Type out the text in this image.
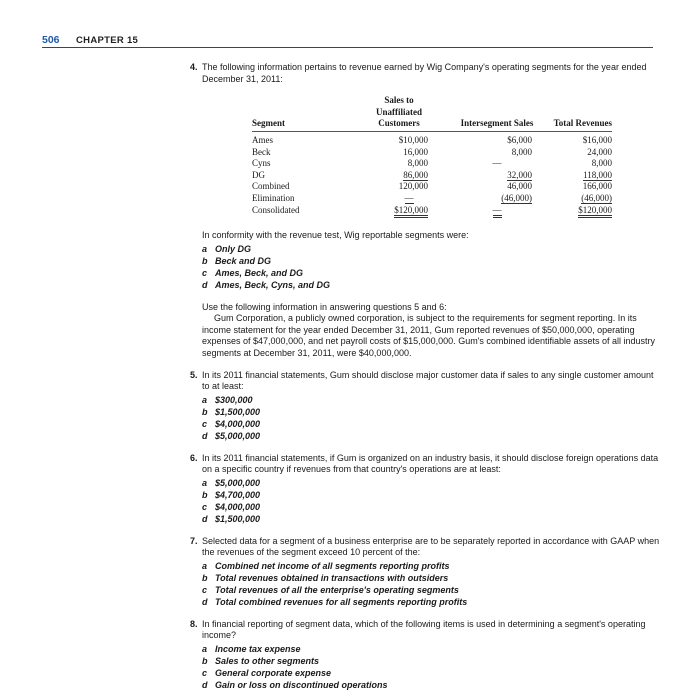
506 CHAPTER 15
4. The following information pertains to revenue earned by Wig Company's operating segments for the year ended December 31, 2011:
Segment	Sales to Unaffiliated Customers	Intersegment Sales	Total Revenues
Ames	$10,000	$6,000	$16,000
Beck	16,000	8,000	24,000
Cyns	8,000	—	8,000
DG	86,000	32,000	118,000
Combined	120,000	46,000	166,000
Elimination	—	(46,000)	(46,000)
Consolidated	$120,000	—	$120,000
In conformity with the revenue test, Wig reportable segments were:
a Only DG
b Beck and DG
c Ames, Beck, and DG
d Ames, Beck, Cyns, and DG
Use the following information in answering questions 5 and 6:
Gum Corporation, a publicly owned corporation, is subject to the requirements for segment reporting. In its income statement for the year ended December 31, 2011, Gum reported revenues of $50,000,000, operating expenses of $47,000,000, and net payroll costs of $15,000,000. Gum's combined identifiable assets of all industry segments at December 31, 2011, were $40,000,000.
5. In its 2011 financial statements, Gum should disclose major customer data if sales to any single customer amount to at least:
a $300,000
b $1,500,000
c $4,000,000
d $5,000,000
6. In its 2011 financial statements, if Gum is organized on an industry basis, it should disclose foreign operations data on a specific country if revenues from that country's operations are at least:
a $5,000,000
b $4,700,000
c $4,000,000
d $1,500,000
7. Selected data for a segment of a business enterprise are to be separately reported in accordance with GAAP when the revenues of the segment exceed 10 percent of the:
a Combined net income of all segments reporting profits
b Total revenues obtained in transactions with outsiders
c Total revenues of all the enterprise's operating segments
d Total combined revenues for all segments reporting profits
8. In financial reporting of segment data, which of the following items is used in determining a segment's operating income?
a Income tax expense
b Sales to other segments
c General corporate expense
d Gain or loss on discontinued operations
